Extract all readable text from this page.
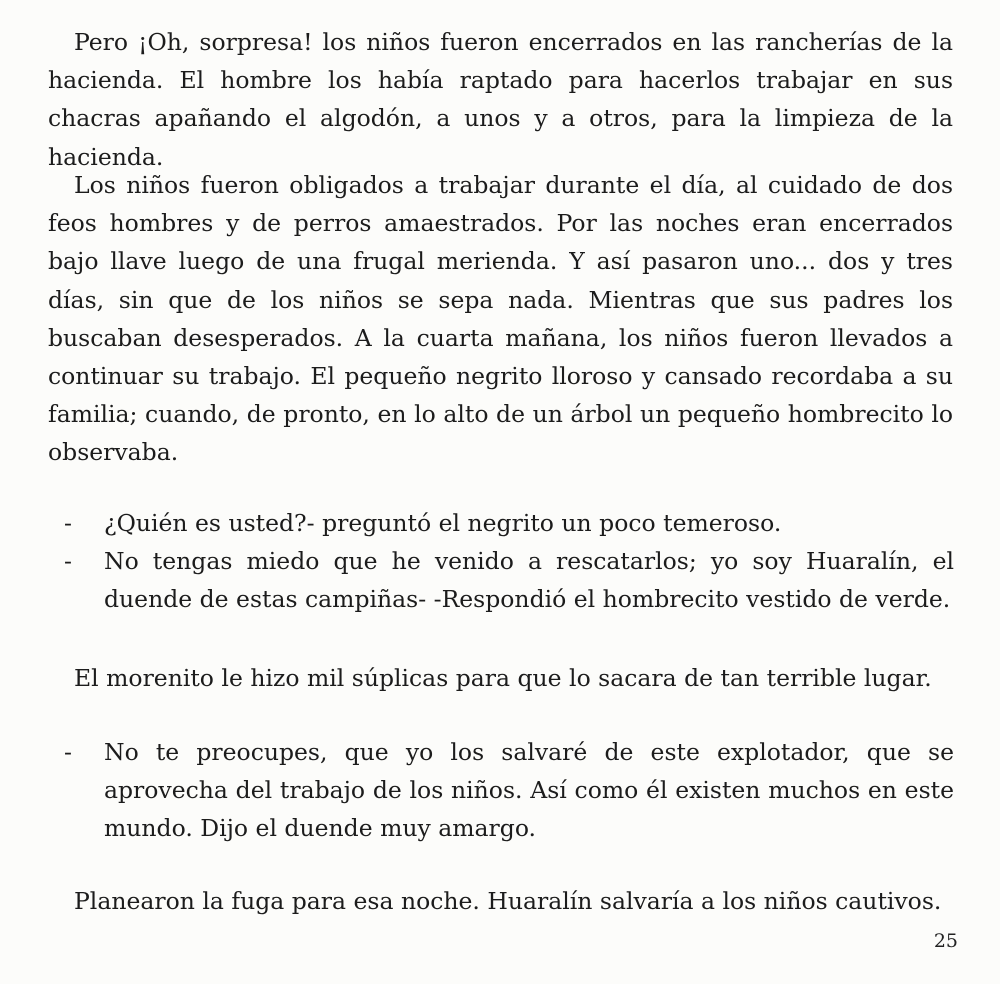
Pero ¡Oh, sorpresa! los niños fueron encerrados en las rancherías de la hacienda. El hombre los había raptado para hacerlos trabajar en sus chacras apañando el algodón, a unos y a otros, para la limpieza de la hacienda.

Los niños fueron obligados a trabajar durante el día, al cuidado de dos feos hombres y de perros amaestrados. Por las noches eran encerrados bajo llave luego de una frugal merienda. Y así pasaron uno... dos y tres días, sin que de los niños se sepa nada. Mientras que sus padres los buscaban desesperados. A la cuarta mañana, los niños fueron llevados a continuar su trabajo. El pequeño negrito lloroso y cansado recordaba a su familia; cuando, de pronto, en lo alto de un árbol un pequeño hombrecito lo observaba.

- ¿Quién es usted?- preguntó el negrito un poco temeroso.

- No tengas miedo que he venido a rescatarlos; yo soy Huaralín, el duende de estas campiñas- -Respondió el hombrecito vestido de verde.

El morenito le hizo mil súplicas para que lo sacara de tan terrible lugar.

- No te preocupes, que yo los salvaré de este explotador, que se aprovecha del trabajo de los niños. Así como él existen muchos en este mundo. Dijo el duende muy amargo.

Planearon la fuga para esa noche. Huaralín salvaría a los niños cautivos.

25
